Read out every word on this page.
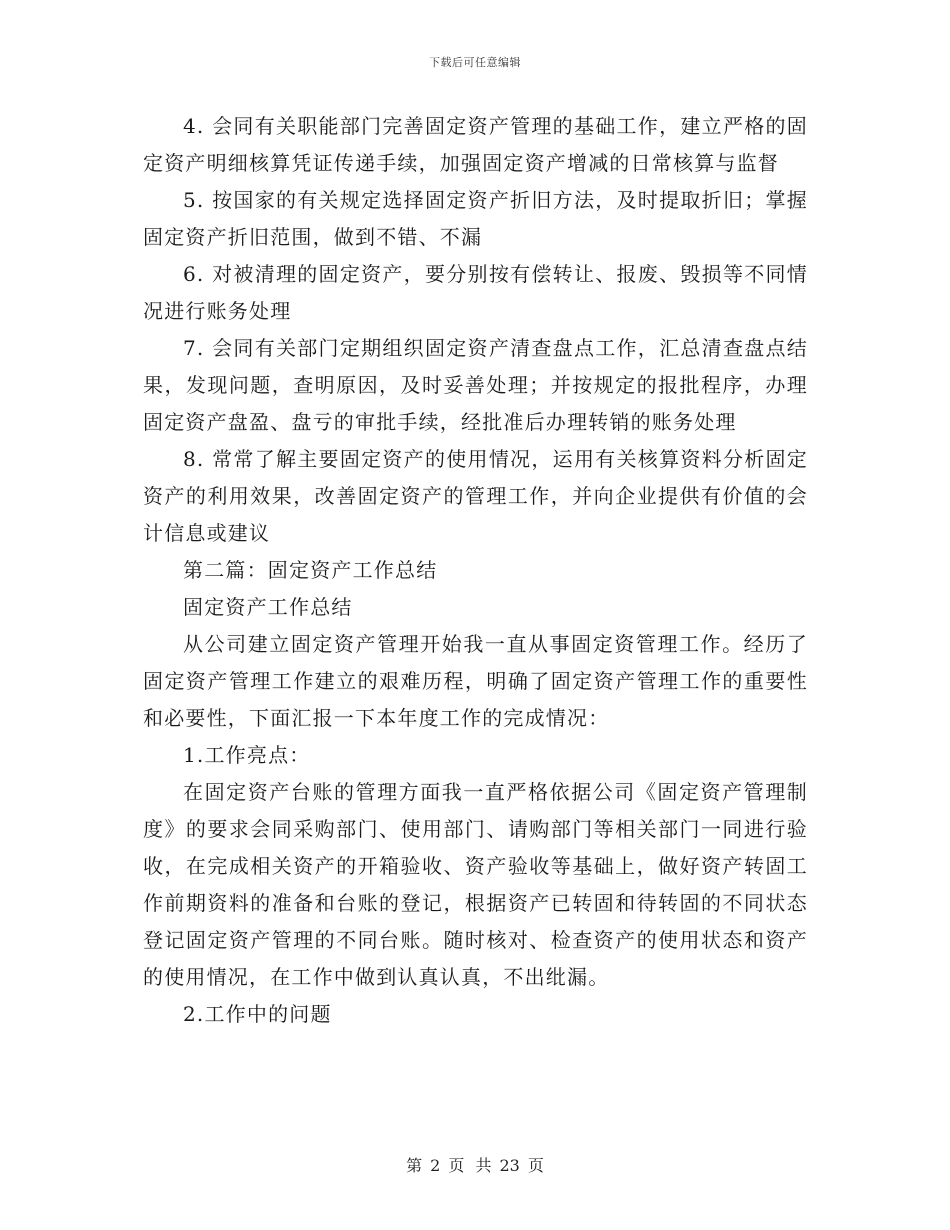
下载后可任意编辑

4. 会同有关职能部门完善固定资产管理的基础工作，建立严格的固定资产明细核算凭证传递手续，加强固定资产增减的日常核算与监督

5. 按国家的有关规定选择固定资产折旧方法，及时提取折旧；掌握固定资产折旧范围，做到不错、不漏

6. 对被清理的固定资产，要分别按有偿转让、报废、毁损等不同情况进行账务处理

7. 会同有关部门定期组织固定资产清查盘点工作，汇总清查盘点结果，发现问题，查明原因，及时妥善处理；并按规定的报批程序，办理固定资产盘盈、盘亏的审批手续，经批准后办理转销的账务处理

8. 常常了解主要固定资产的使用情况，运用有关核算资料分析固定资产的利用效果，改善固定资产的管理工作，并向企业提供有价值的会计信息或建议

第二篇：固定资产工作总结

固定资产工作总结

从公司建立固定资产管理开始我一直从事固定资管理工作。经历了固定资产管理工作建立的艰难历程，明确了固定资产管理工作的重要性和必要性，下面汇报一下本年度工作的完成情况：

1.工作亮点：

在固定资产台账的管理方面我一直严格依据公司《固定资产管理制度》的要求会同采购部门、使用部门、请购部门等相关部门一同进行验收，在完成相关资产的开箱验收、资产验收等基础上，做好资产转固工作前期资料的准备和台账的登记，根据资产已转固和待转固的不同状态登记固定资产管理的不同台账。随时核对、检查资产的使用状态和资产的使用情况，在工作中做到认真认真，不出纰漏。

2.工作中的问题

第 2 页 共 23 页
